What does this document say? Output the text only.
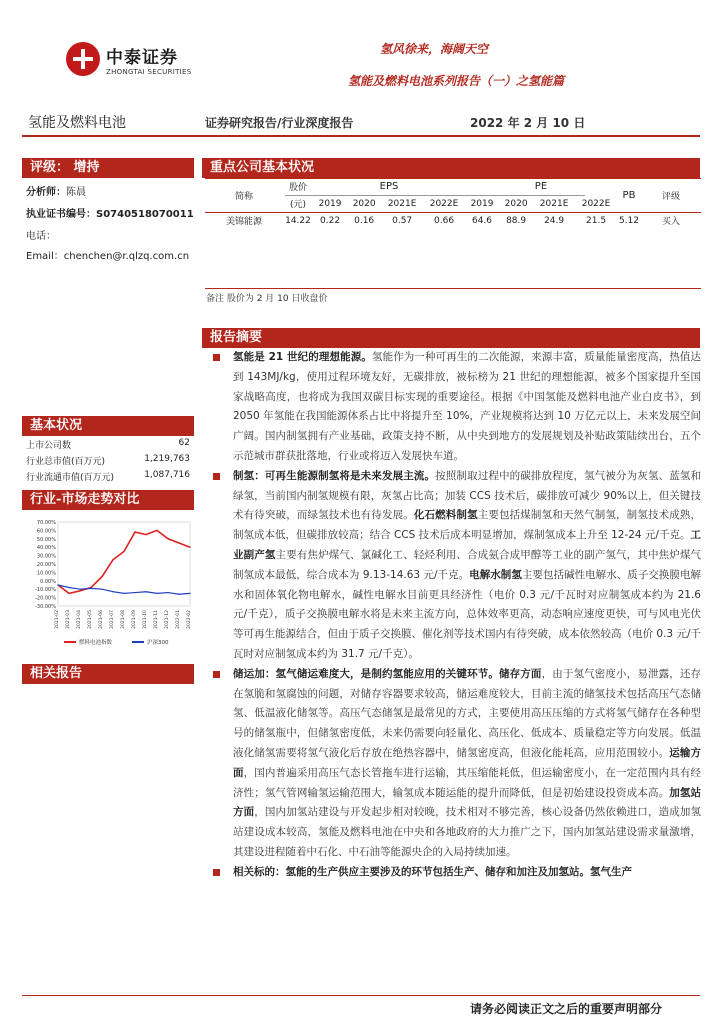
中泰证券
ZHONGTAI SECURITIES
氢风徐来，海阔天空
氢能及燃料电池系列报告（一）之氢能篇
氢能及燃料电池	证券研究报告/行业深度报告	2022 年 2 月 10 日
评级： 增持
分析师：陈晨
执业证书编号：S0740518070011
电话：
Email：chenchen@r.qlzq.com.cn
基本状况
上市公司数	62
行业总市值(百万元)	1,219,763
行业流通市值(百万元)	1,087,716
行业-市场走势对比
70.00%
60.00%
50.00%
40.00%
30.00%
20.00%
10.00%
0.00%
-10.00%
-20.00%
-30.00%
2021-02 2021-03 2021-04 2021-05 2021-06 2021-07 2021-08 2021-09 2021-10 2021-11 2021-12 2022-01 2022-02
燃料电池指数	沪深300
相关报告
重点公司基本状况
简称	股价	EPS				PE				PB	评级
	(元)	2019	2020	2021E	2022E	2019	2020	2021E	2022E		
美锦能源	14.22	0.22	0.16	0.57	0.66	64.6	88.9	24.9	21.5	5.12	买入
备注 股价为 2 月 10 日收盘价
报告摘要
氢能是 21 世纪的理想能源。氢能作为一种可再生的二次能源，来源丰富，质量能量密度高，热值达到 143MJ/kg，使用过程环境友好，无碳排放，被标榜为 21 世纪的理想能源，被多个国家提升至国家战略高度，也将成为我国双碳目标实现的重要途径。根据《中国氢能及燃料电池产业白皮书》，到 2050 年氢能在我国能源体系占比中将提升至 10%，产业规模将达到 10 万亿元以上，未来发展空间广阔。国内制氢拥有产业基础，政策支持不断，从中央到地方的发展规划及补贴政策陆续出台，五个示范城市群获批落地，行业或将迈入发展快车道。
制氢：可再生能源制氢将是未来发展主流。按照制取过程中的碳排放程度，氢气被分为灰氢、蓝氢和绿氢，当前国内制氢规模有限，灰氢占比高；加装 CCS 技术后，碳排放可减少 90%以上，但关键技术有待突破，而绿氢技术也有待发展。化石燃料制氢主要包括煤制氢和天然气制氢，制氢技术成熟，制氢成本低，但碳排放较高；结合 CCS 技术后成本明显增加，煤制氢成本上升至 12-24 元/千克。工业副产氢主要有焦炉煤气、氯碱化工、轻烃利用、合成氨合成甲醇等工业的副产氢气，其中焦炉煤气制氢成本最低，综合成本为 9.13-14.63 元/千克。电解水制氢主要包括碱性电解水、质子交换膜电解水和固体氧化物电解水，碱性电解水目前更具经济性（电价 0.3 元/千瓦时对应制氢成本约为 21.6 元/千克），质子交换膜电解水将是未来主流方向，总体效率更高，动态响应速度更快，可与风电光伏等可再生能源结合，但由于质子交换膜、催化剂等技术国内有待突破，成本依然较高（电价 0.3 元/千瓦时对应制氢成本约为 31.7 元/千克）。
储运加：氢气储运难度大，是制约氢能应用的关键环节。储存方面，由于氢气密度小，易泄露，还存在氢脆和氢腐蚀的问题，对储存容器要求较高，储运难度较大，目前主流的储氢技术包括高压气态储氢、低温液化储氢等。高压气态储氢是最常见的方式，主要使用高压压缩的方式将氢气储存在各种型号的储氢瓶中，但储氢密度低，未来仍需要向轻量化、高压化、低成本、质量稳定等方向发展。低温液化储氢需要将氢气液化后存放在绝热容器中，储氢密度高，但液化能耗高，应用范围较小。运输方面，国内普遍采用高压气态长管拖车进行运输，其压缩能耗低，但运输密度小，在一定范围内具有经济性；氢气管网输氢运输范围大，输氢成本随运能的提升而降低，但是初始建设投资成本高。加氢站方面，国内加氢站建设与开发起步相对较晚，技术相对不够完善，核心设备仍然依赖进口，造成加氢站建设成本较高，氢能及燃料电池在中央和各地政府的大力推广之下，国内加氢站建设需求量激增，其建设进程随着中石化、中石油等能源央企的入局持续加速。
相关标的：氢能的生产供应主要涉及的环节包括生产、储存和加注及加氢站。氢气生产
请务必阅读正文之后的重要声明部分
